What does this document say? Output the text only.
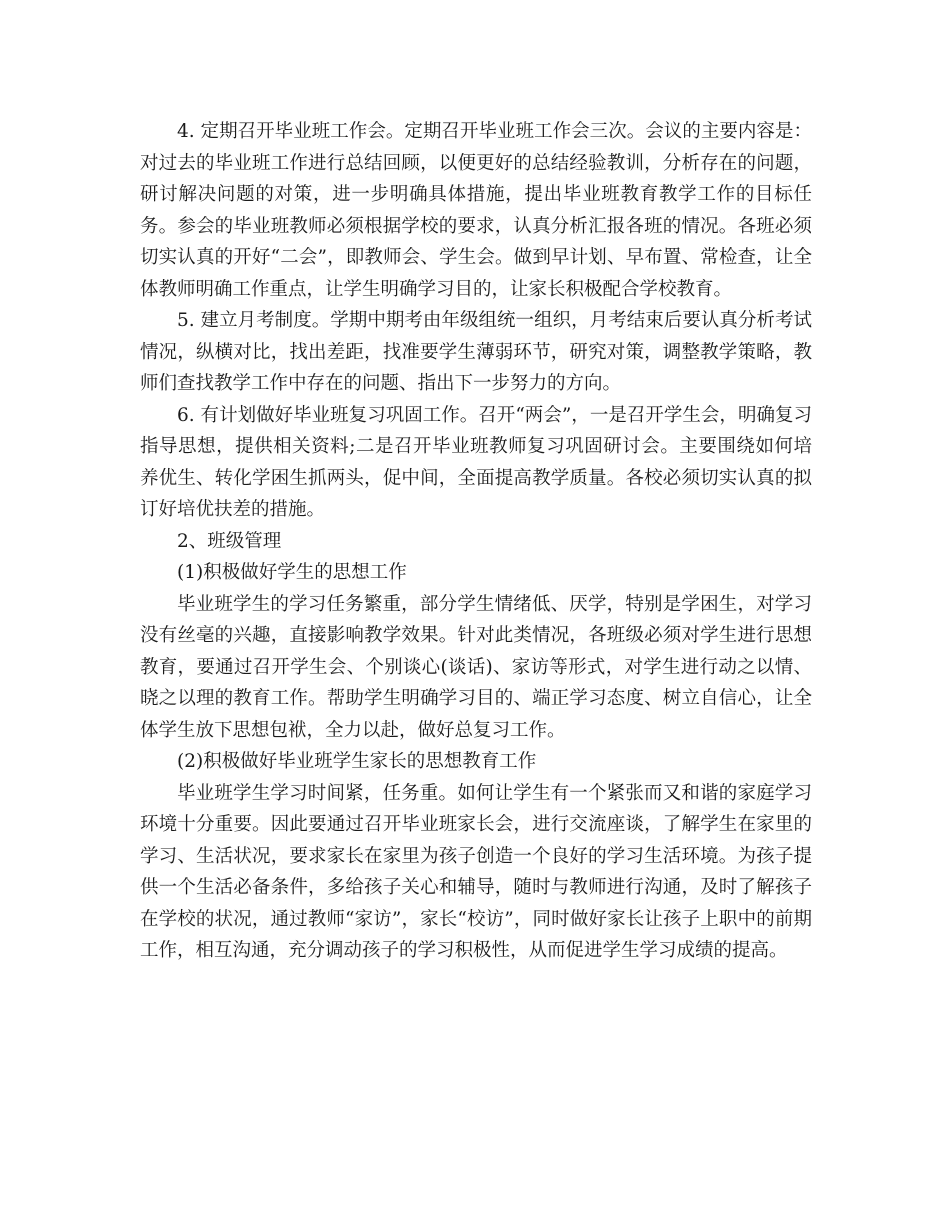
4. 定期召开毕业班工作会。定期召开毕业班工作会三次。会议的主要内容是：对过去的毕业班工作进行总结回顾，以便更好的总结经验教训，分析存在的问题，研讨解决问题的对策，进一步明确具体措施，提出毕业班教育教学工作的目标任务。参会的毕业班教师必须根据学校的要求，认真分析汇报各班的情况。各班必须切实认真的开好“二会”，即教师会、学生会。做到早计划、早布置、常检查，让全体教师明确工作重点，让学生明确学习目的，让家长积极配合学校教育。

5. 建立月考制度。学期中期考由年级组统一组织，月考结束后要认真分析考试情况，纵横对比，找出差距，找准要学生薄弱环节，研究对策，调整教学策略，教师们查找教学工作中存在的问题、指出下一步努力的方向。

6. 有计划做好毕业班复习巩固工作。召开“两会”，一是召开学生会，明确复习指导思想，提供相关资料;二是召开毕业班教师复习巩固研讨会。主要围绕如何培养优生、转化学困生抓两头，促中间，全面提高教学质量。各校必须切实认真的拟订好培优扶差的措施。

2、班级管理

(1)积极做好学生的思想工作

毕业班学生的学习任务繁重，部分学生情绪低、厌学，特别是学困生，对学习没有丝毫的兴趣，直接影响教学效果。针对此类情况，各班级必须对学生进行思想教育，要通过召开学生会、个别谈心(谈话)、家访等形式，对学生进行动之以情、晓之以理的教育工作。帮助学生明确学习目的、端正学习态度、树立自信心，让全体学生放下思想包袱，全力以赴，做好总复习工作。

(2)积极做好毕业班学生家长的思想教育工作

毕业班学生学习时间紧，任务重。如何让学生有一个紧张而又和谐的家庭学习环境十分重要。因此要通过召开毕业班家长会，进行交流座谈，了解学生在家里的学习、生活状况，要求家长在家里为孩子创造一个良好的学习生活环境。为孩子提供一个生活必备条件，多给孩子关心和辅导，随时与教师进行沟通，及时了解孩子在学校的状况，通过教师“家访”，家长“校访”，同时做好家长让孩子上职中的前期工作，相互沟通，充分调动孩子的学习积极性，从而促进学生学习成绩的提高。
